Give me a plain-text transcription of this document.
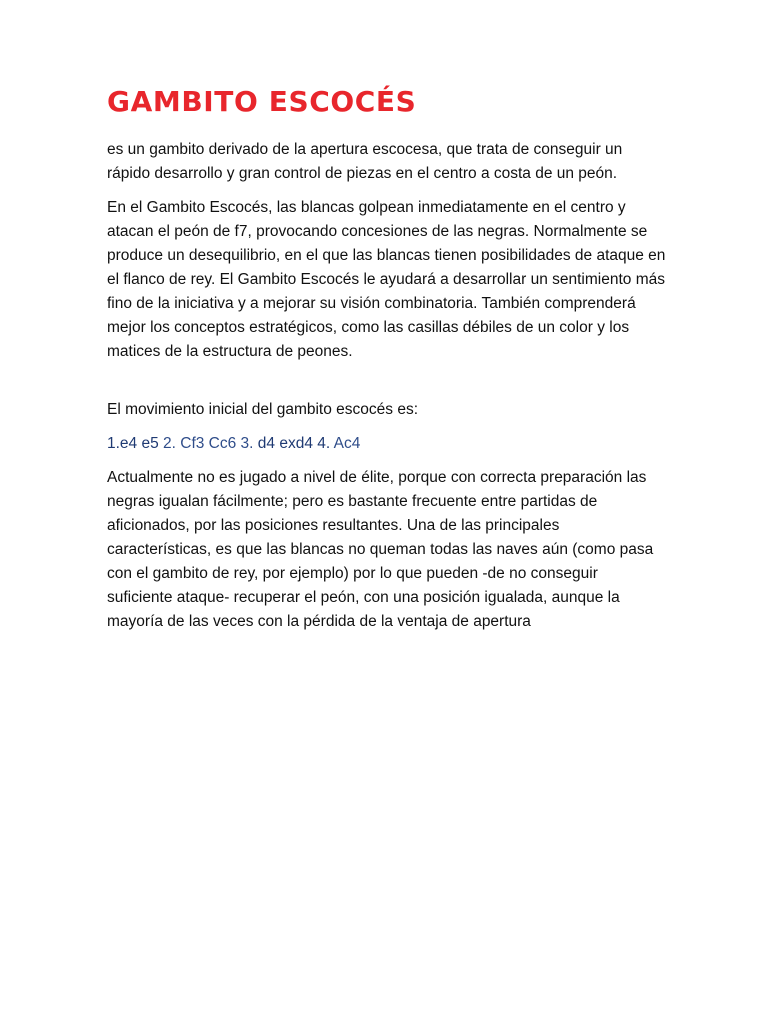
GAMBITO ESCOCÉS

es un gambito derivado de la apertura escocesa, que trata de conseguir un rápido desarrollo y gran control de piezas en el centro a costa de un peón.

En el Gambito Escocés, las blancas golpean inmediatamente en el centro y atacan el peón de f7, provocando concesiones de las negras. Normalmente se produce un desequilibrio, en el que las blancas tienen posibilidades de ataque en el flanco de rey. El Gambito Escocés le ayudará a desarrollar un sentimiento más fino de la iniciativa y a mejorar su visión combinatoria. También comprenderá mejor los conceptos estratégicos, como las casillas débiles de un color y los matices de la estructura de peones.

El movimiento inicial del gambito escocés es:

1.e4 e5 2. Cf3 Cc6 3. d4 exd4 4. Ac4

Actualmente no es jugado a nivel de élite, porque con correcta preparación las negras igualan fácilmente; pero es bastante frecuente entre partidas de aficionados, por las posiciones resultantes. Una de las principales características, es que las blancas no queman todas las naves aún (como pasa con el gambito de rey, por ejemplo) por lo que pueden -de no conseguir suficiente ataque- recuperar el peón, con una posición igualada, aunque la mayoría de las veces con la pérdida de la ventaja de apertura
